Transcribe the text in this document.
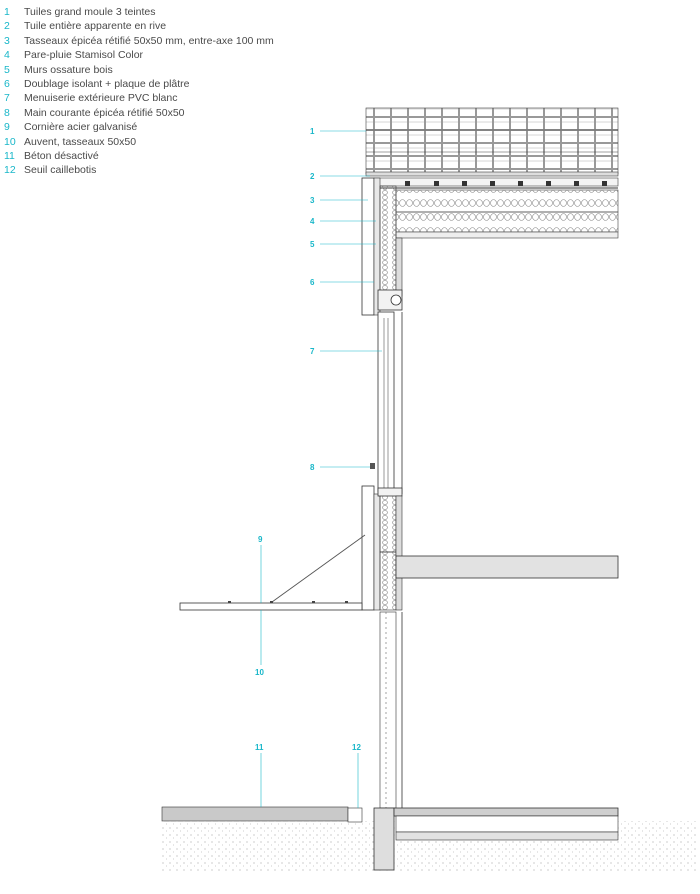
1 Tuiles grand moule 3 teintes
2 Tuile entière apparente en rive
3 Tasseaux épicéa rétifié 50x50 mm, entre-axe 100 mm
4 Pare-pluie Stamisol Color
5 Murs ossature bois
6 Doublage isolant + plaque de plâtre
7 Menuiserie extérieure PVC blanc
8 Main courante épicéa rétifié 50x50
9 Cornière acier galvanisé
10 Auvent, tasseaux 50x50
11 Béton désactivé
12 Seuil caillebotis
1
2
3
4
5
6
7
8
9
10
11	12
